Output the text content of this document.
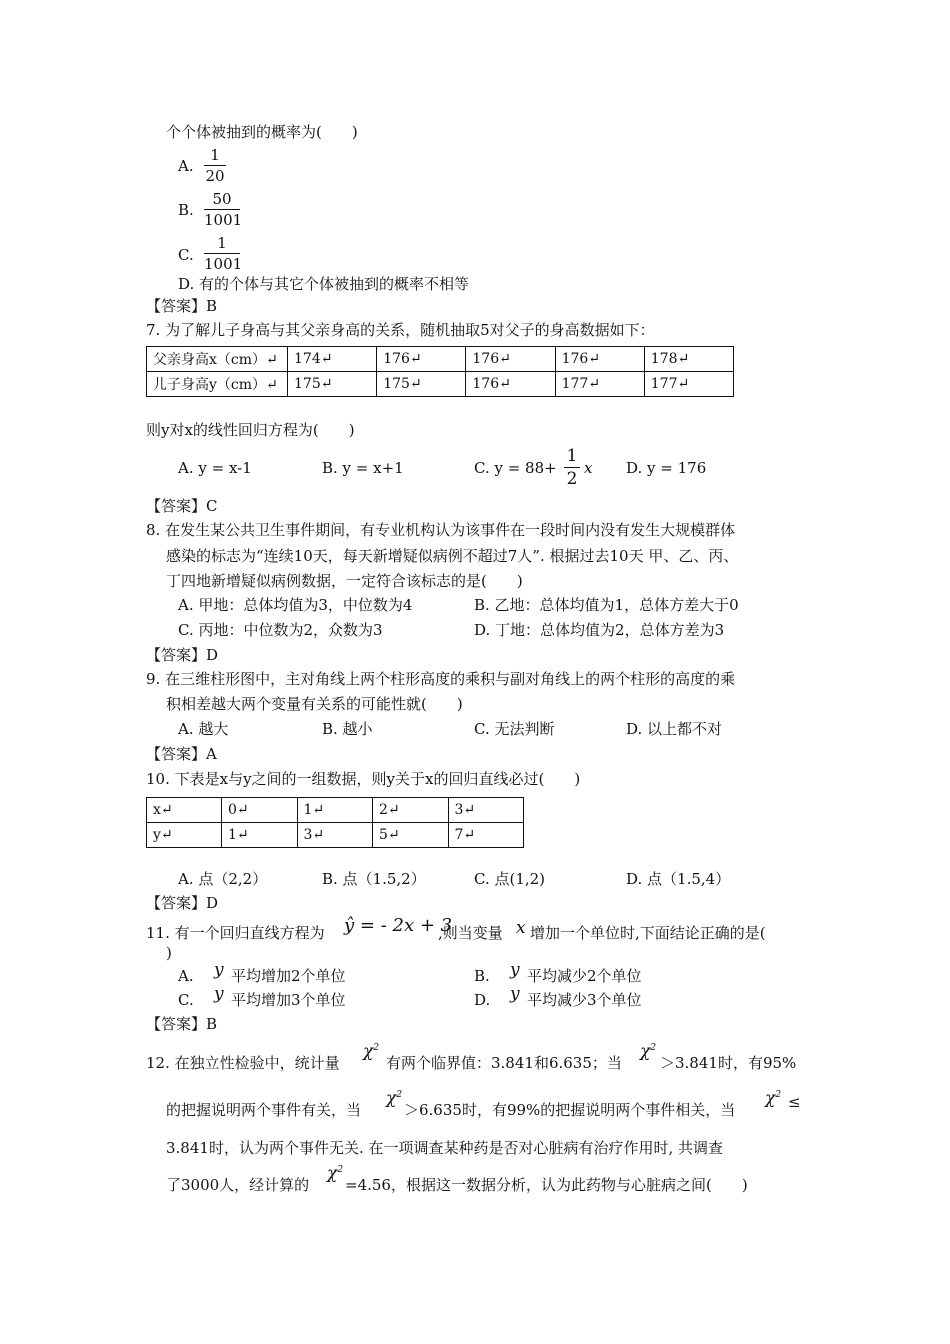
个个体被抽到的概率为(　　)
A.
1
20
B.
50
1001
C.
1
1001
D. 有的个体与其它个体被抽到的概率不相等
【答案】B
7. 为了解儿子身高与其父亲身高的关系，随机抽取5对父子的身高数据如下：
父亲身高x（cm）↵	174↵	176↵	176↵	176↵	178↵
儿子身高y（cm）↵	175↵	175↵	176↵	177↵	177↵
则y对x的线性回归方程为(　　)
A. y = x-1	B. y = x+1	C. y = 88+
1
2
x D. y = 176
【答案】C
8. 在发生某公共卫生事件期间，有专业机构认为该事件在一段时间内没有发生大规模群体
感染的标志为“连续10天，每天新增疑似病例不超过7人”. 根据过去10天 甲、乙、丙、
丁四地新增疑似病例数据，一定符合该标志的是(　　)
A. 甲地：总体均值为3，中位数为4	B. 乙地：总体均值为1，总体方差大于0
C. 丙地：中位数为2，众数为3	D. 丁地：总体均值为2，总体方差为3
【答案】D
9. 在三维柱形图中，主对角线上两个柱形高度的乘积与副对角线上的两个柱形的高度的乘
积相差越大两个变量有关系的可能性就(　　)
A. 越大	B. 越小	C. 无法判断	D. 以上都不对
【答案】A
10. 下表是x与y之间的一组数据，则y关于x的回归直线必过(　　)
x↵	0↵	1↵	2↵	3↵
y↵	1↵	3↵	5↵	7↵
A. 点（2,2）	B. 点（1.5,2）	C. 点(1,2)	D. 点（1.5,4）
【答案】D
11. 有一个回归直线方程为 ŷ = - 2x + 3
,则当变量 x 增加一个单位时,下面结论正确的是(
)
A. y 平均增加2个单位	B. y 平均减少2个单位
C. y 平均增加3个单位	D. y 平均减少3个单位
【答案】B
12. 在独立性检验中，统计量
$\chi^2$
有两个临界值：3.841和6.635；当
$\chi^2$
＞3.841时，有95%
的把握说明两个事件有关，当
$\chi^2$
＞6.635时，有99%的把握说明两个事件相关，当
$\chi^2$ ≤
3.841时，认为两个事件无关. 在一项调查某种药是否对心脏病有治疗作用时, 共调查
了3000人，经计算的
$\chi^2$
=4.56，根据这一数据分析，认为此药物与心脏病之间(　　)
